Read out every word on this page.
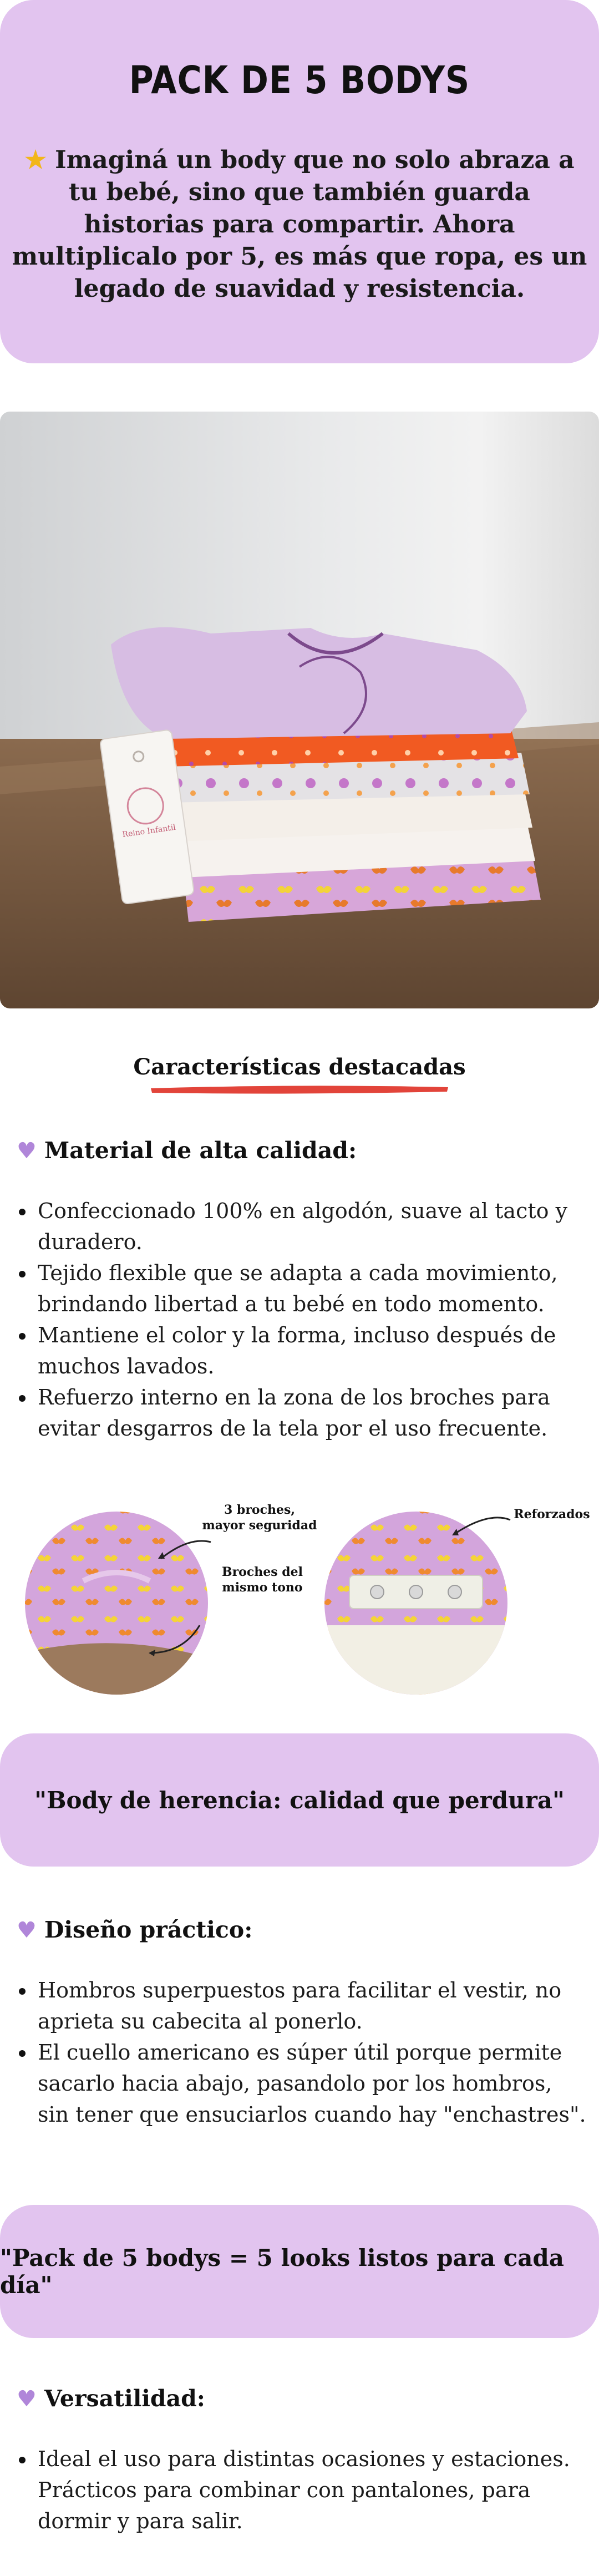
PACK DE 5 BODYS

★ Imaginá un body que no solo abraza a tu bebé, sino que también guarda historias para compartir. Ahora multiplicalo por 5, es más que ropa, es un legado de suavidad y resistencia.

Reino Infantil
Características destacadas
♥ Material de alta calidad:
Confeccionado 100% en algodón, suave al tacto y duradero.
Tejido flexible que se adapta a cada movimiento, brindando libertad a tu bebé en todo momento.
Mantiene el color y la forma, incluso después de muchos lavados.
Refuerzo interno en la zona de los broches para evitar desgarros de la tela por el uso frecuente.
3 broches,
mayor seguridad
Broches del
mismo tono
Reforzados
"Body de herencia: calidad que perdura"
♥ Diseño práctico:
Hombros superpuestos para facilitar el vestir, no aprieta su cabecita al ponerlo.
El cuello americano es súper útil porque permite sacarlo hacia abajo, pasandolo por los hombros, sin tener que ensuciarlos cuando hay "enchastres".
"Pack de 5 bodys = 5 looks listos para cada día"
♥ Versatilidad:
Ideal el uso para distintas ocasiones y estaciones. Prácticos para combinar con pantalones, para dormir y para salir.
